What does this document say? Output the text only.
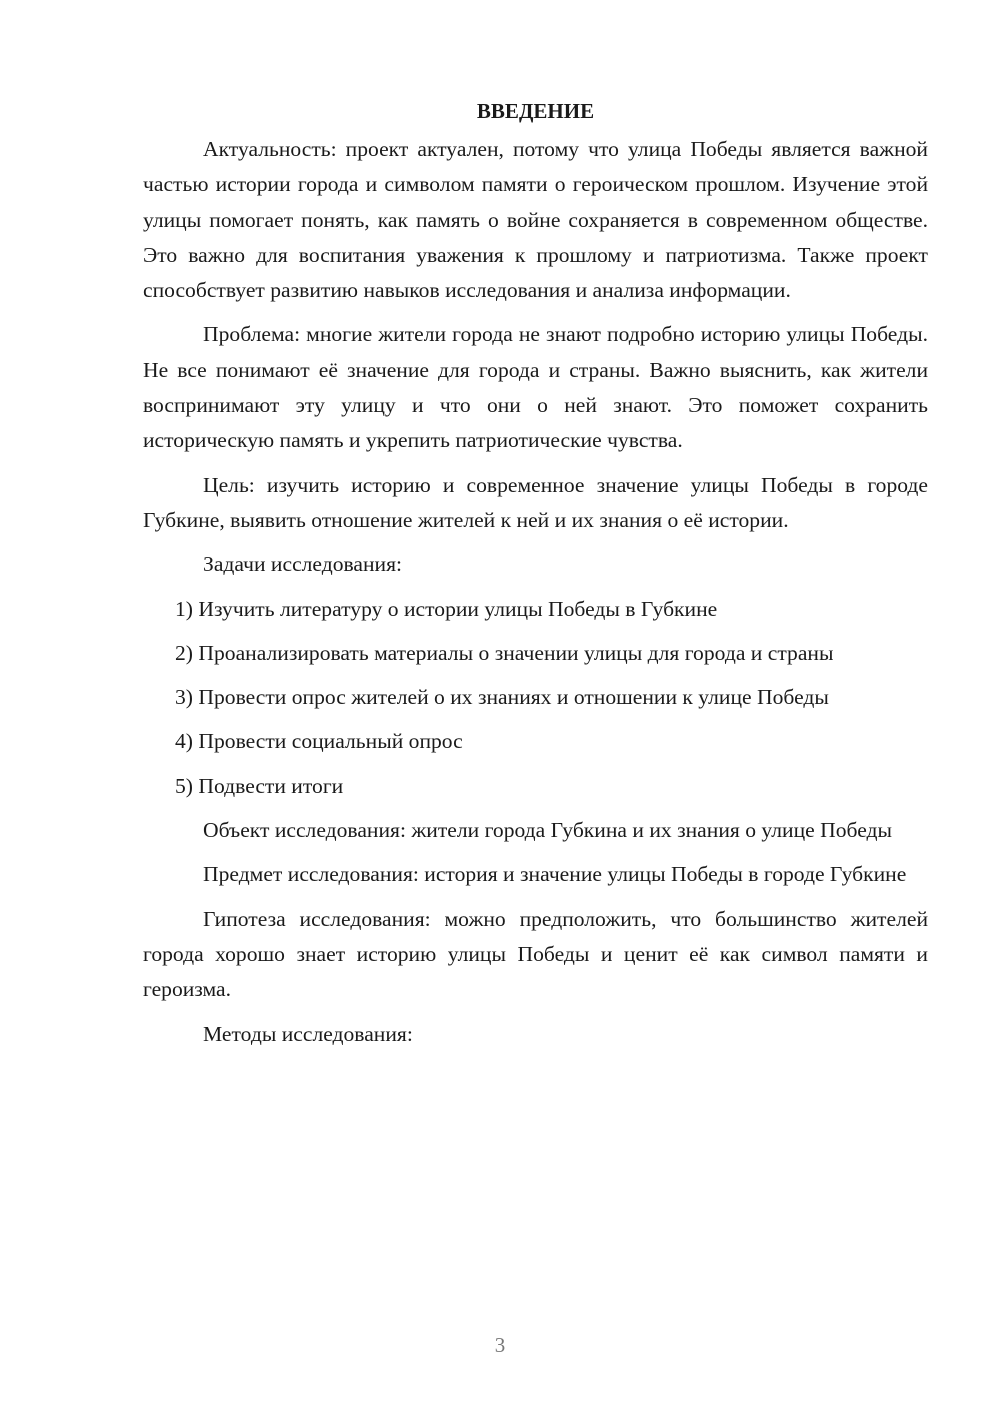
ВВЕДЕНИЕ

Актуальность: проект актуален, потому что улица Победы является важной частью истории города и символом памяти о героическом прошлом. Изучение этой улицы помогает понять, как память о войне сохраняется в современном обществе. Это важно для воспитания уважения к прошлому и патриотизма. Также проект способствует развитию навыков исследования и анализа информации.

Проблема: многие жители города не знают подробно историю улицы Победы. Не все понимают её значение для города и страны. Важно выяснить, как жители воспринимают эту улицу и что они о ней знают. Это поможет сохранить историческую память и укрепить патриотические чувства.

Цель: изучить историю и современное значение улицы Победы в городе Губкине, выявить отношение жителей к ней и их знания о её истории.

Задачи исследования:

1) Изучить литературу о истории улицы Победы в Губкине

2) Проанализировать материалы о значении улицы для города и страны

3) Провести опрос жителей о их знаниях и отношении к улице Победы

4) Провести социальный опрос

5) Подвести итоги

Объект исследования: жители города Губкина и их знания о улице Победы

Предмет исследования: история и значение улицы Победы в городе Губкине

Гипотеза исследования: можно предположить, что большинство жителей города хорошо знает историю улицы Победы и ценит её как символ памяти и героизма.

Методы исследования:

3
